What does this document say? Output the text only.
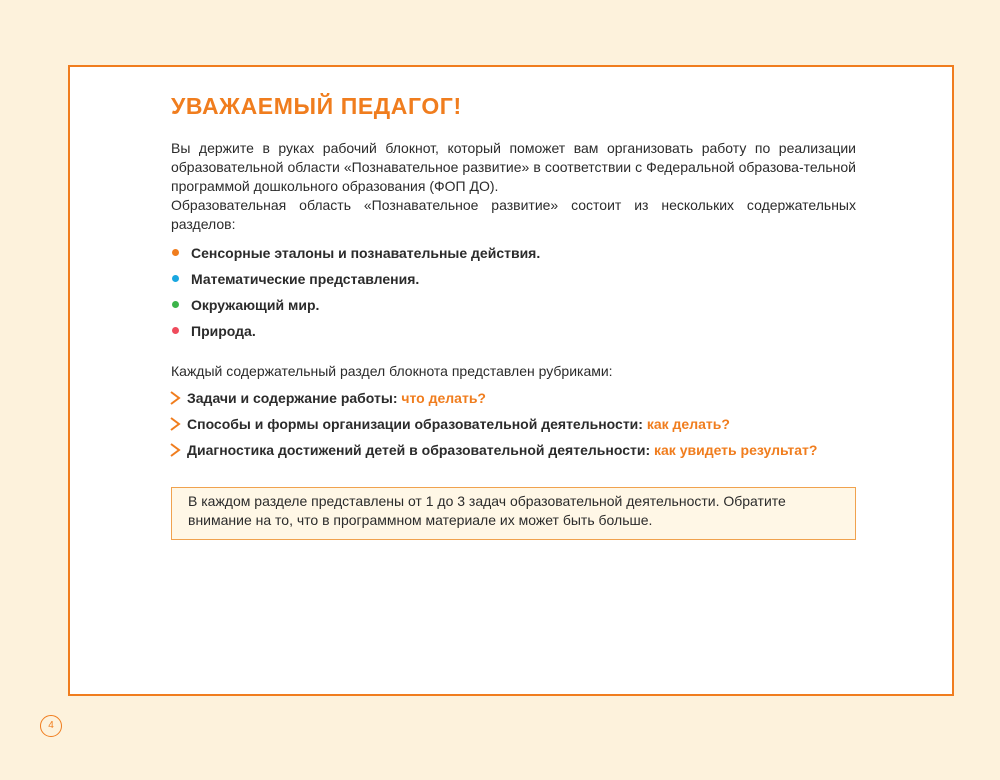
УВАЖАЕМЫЙ ПЕДАГОГ!

Вы держите в руках рабочий блокнот, который поможет вам организовать работу по реализации образовательной области «Познавательное развитие» в соответствии с Федеральной образова-тельной программой дошкольного образования (ФОП ДО).

Образовательная область «Познавательное развитие» состоит из нескольких содержательных разделов:

Сенсорные эталоны и познавательные действия.
Математические представления.
Окружающий мир.
Природа.
Каждый содержательный раздел блокнота представлен рубриками:
Задачи и содержание работы: что делать?
Способы и формы организации образовательной деятельности: как делать?
Диагностика достижений детей в образовательной деятельности: как увидеть результат?
В каждом разделе представлены от 1 до 3 задач образовательной деятельности. Обратите внимание на то, что в программном материале их может быть больше.
4
